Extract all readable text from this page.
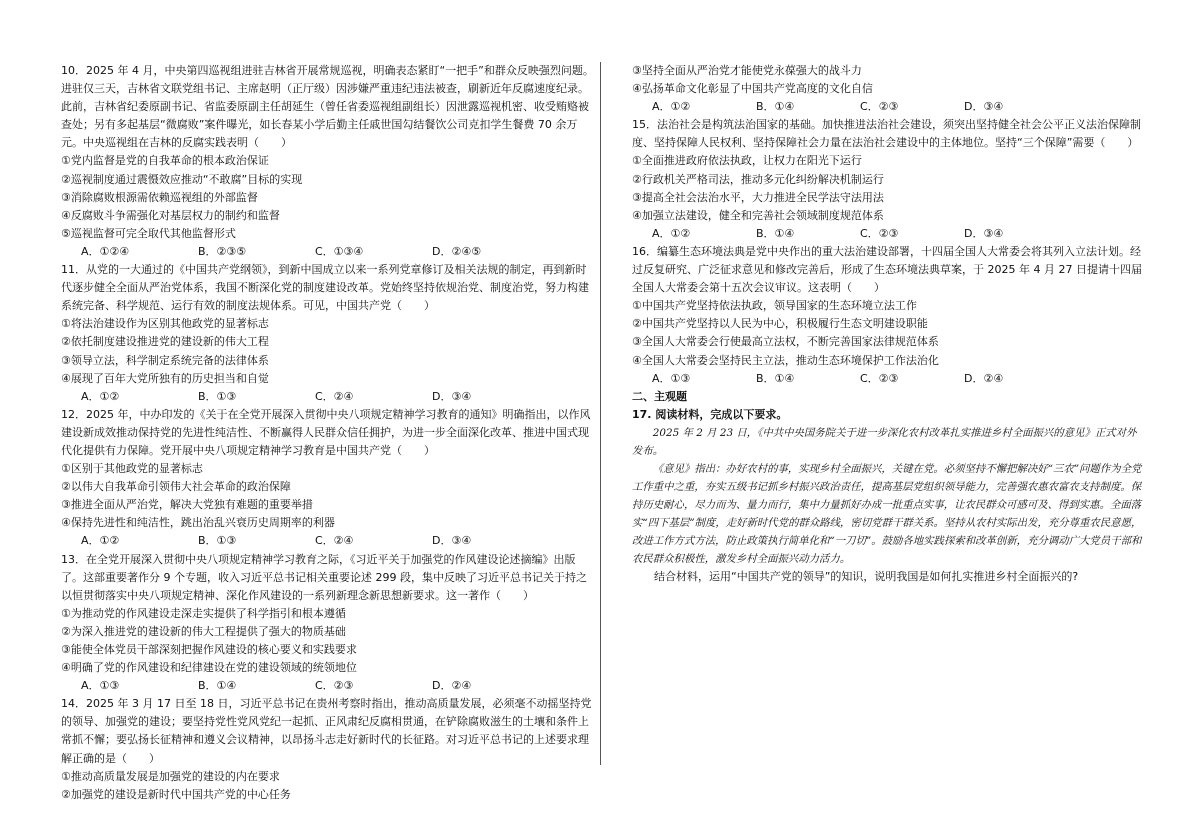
10．2025 年 4 月，中央第四巡视组进驻吉林省开展常规巡视，明确表态紧盯“一把手”和群众反映强烈问题。进驻仅三天，吉林省文联党组书记、主席赵明（正厅级）因涉嫌严重违纪违法被查，刷新近年反腐速度纪录。此前，吉林省纪委原副书记、省监委原副主任胡延生（曾任省委巡视组副组长）因泄露巡视机密、收受贿赂被查处；另有多起基层“微腐败”案件曝光，如长春某小学后勤主任戚世国勾结餐饮公司克扣学生餐费 70 余万元。中央巡视组在吉林的反腐实践表明（　　）

①党内监督是党的自我革命的根本政治保证

②巡视制度通过震慑效应推动“不敢腐”目标的实现

③消除腐败根源需依赖巡视组的外部监督

④反腐败斗争需强化对基层权力的制约和监督

⑤巡视监督可完全取代其他监督形式

A．①②④	B．②③⑤	C．①③④	D．②④⑤

11．从党的一大通过的《中国共产党纲领》，到新中国成立以来一系列党章修订及相关法规的制定，再到新时代逐步健全全面从严治党体系，我国不断深化党的制度建设改革。党始终坚持依规治党、制度治党，努力构建系统完备、科学规范、运行有效的制度法规体系。可见，中国共产党（　　）

①将法治建设作为区别其他政党的显著标志

②依托制度建设推进党的建设新的伟大工程

③领导立法，科学制定系统完备的法律体系

④展现了百年大党所独有的历史担当和自觉

A．①②	B．①③	C．②④	D．③④

12．2025 年，中办印发的《关于在全党开展深入贯彻中央八项规定精神学习教育的通知》明确指出，以作风建设新成效推动保持党的先进性纯洁性、不断赢得人民群众信任拥护，为进一步全面深化改革、推进中国式现代化提供有力保障。党开展中央八项规定精神学习教育是中国共产党（　　）

①区别于其他政党的显著标志

②以伟大自我革命引领伟大社会革命的政治保障

③推进全面从严治党，解决大党独有难题的重要举措

④保持先进性和纯洁性，跳出治乱兴衰历史周期率的利器

A．①②	B．①③	C．②④	D．③④

13．在全党开展深入贯彻中央八项规定精神学习教育之际，《习近平关于加强党的作风建设论述摘编》出版了。这部重要著作分 9 个专题，收入习近平总书记相关重要论述 299 段，集中反映了习近平总书记关于持之以恒贯彻落实中央八项规定精神、深化作风建设的一系列新理念新思想新要求。这一著作（　　）

①为推动党的作风建设走深走实提供了科学指引和根本遵循

②为深入推进党的建设新的伟大工程提供了强大的物质基础

③能使全体党员干部深刻把握作风建设的核心要义和实践要求

④明确了党的作风建设和纪律建设在党的建设领域的统领地位

A．①③	B．①④	C．②③	D．②④

14．2025 年 3 月 17 日至 18 日，习近平总书记在贵州考察时指出，推动高质量发展，必须毫不动摇坚持党的领导、加强党的建设；要坚持党性党风党纪一起抓、正风肃纪反腐相贯通，在铲除腐败滋生的土壤和条件上常抓不懈；要弘扬长征精神和遵义会议精神，以昂扬斗志走好新时代的长征路。对习近平总书记的上述要求理解正确的是（　　）

①推动高质量发展是加强党的建设的内在要求

②加强党的建设是新时代中国共产党的中心任务

③坚持全面从严治党才能使党永葆强大的战斗力

④弘扬革命文化彰显了中国共产党高度的文化自信

A．①②	B．①④	C．②③	D．③④

15．法治社会是构筑法治国家的基础。加快推进法治社会建设，须突出坚持健全社会公平正义法治保障制度、坚持保障人民权利、坚持保障社会力量在法治社会建设中的主体地位。坚持“三个保障”需要（　　）

①全面推进政府依法执政，让权力在阳光下运行

②行政机关严格司法，推动多元化纠纷解决机制运行

③提高全社会法治水平，大力推进全民学法守法用法

④加强立法建设，健全和完善社会领域制度规范体系

A．①②	B．①④	C．②③	D．③④

16．编纂生态环境法典是党中央作出的重大法治建设部署，十四届全国人大常委会将其列入立法计划。经过反复研究、广泛征求意见和修改完善后，形成了生态环境法典草案，于 2025 年 4 月 27 日提请十四届全国人大常委会第十五次会议审议。这表明（　　）

①中国共产党坚持依法执政，领导国家的生态环境立法工作

②中国共产党坚持以人民为中心，积极履行生态文明建设职能

③全国人大常委会行使最高立法权，不断完善国家法律规范体系

④全国人大常委会坚持民主立法，推动生态环境保护工作法治化

A．①③	B．①④	C．②③	D．②④

二、主观题

17. 阅读材料，完成以下要求。

2025 年 2 月 23 日，《中共中央国务院关于进一步深化农村改革扎实推进乡村全面振兴的意见》正式对外发布。

《意见》指出：办好农村的事，实现乡村全面振兴，关键在党。必须坚持不懈把解决好“三农”问题作为全党工作重中之重，夯实五级书记抓乡村振兴政治责任，提高基层党组织领导能力，完善强农惠农富农支持制度。保持历史耐心，尽力而为、量力而行，集中力量抓好办成一批重点实事，让农民群众可感可及、得到实惠。全面落实“四下基层”制度，走好新时代党的群众路线，密切党群干群关系。坚持从农村实际出发，充分尊重农民意愿，改进工作方式方法，防止政策执行简单化和“一刀切”。鼓励各地实践探索和改革创新，充分调动广大党员干部和农民群众积极性，激发乡村全面振兴动力活力。

结合材料，运用“中国共产党的领导”的知识，说明我国是如何扎实推进乡村全面振兴的?
